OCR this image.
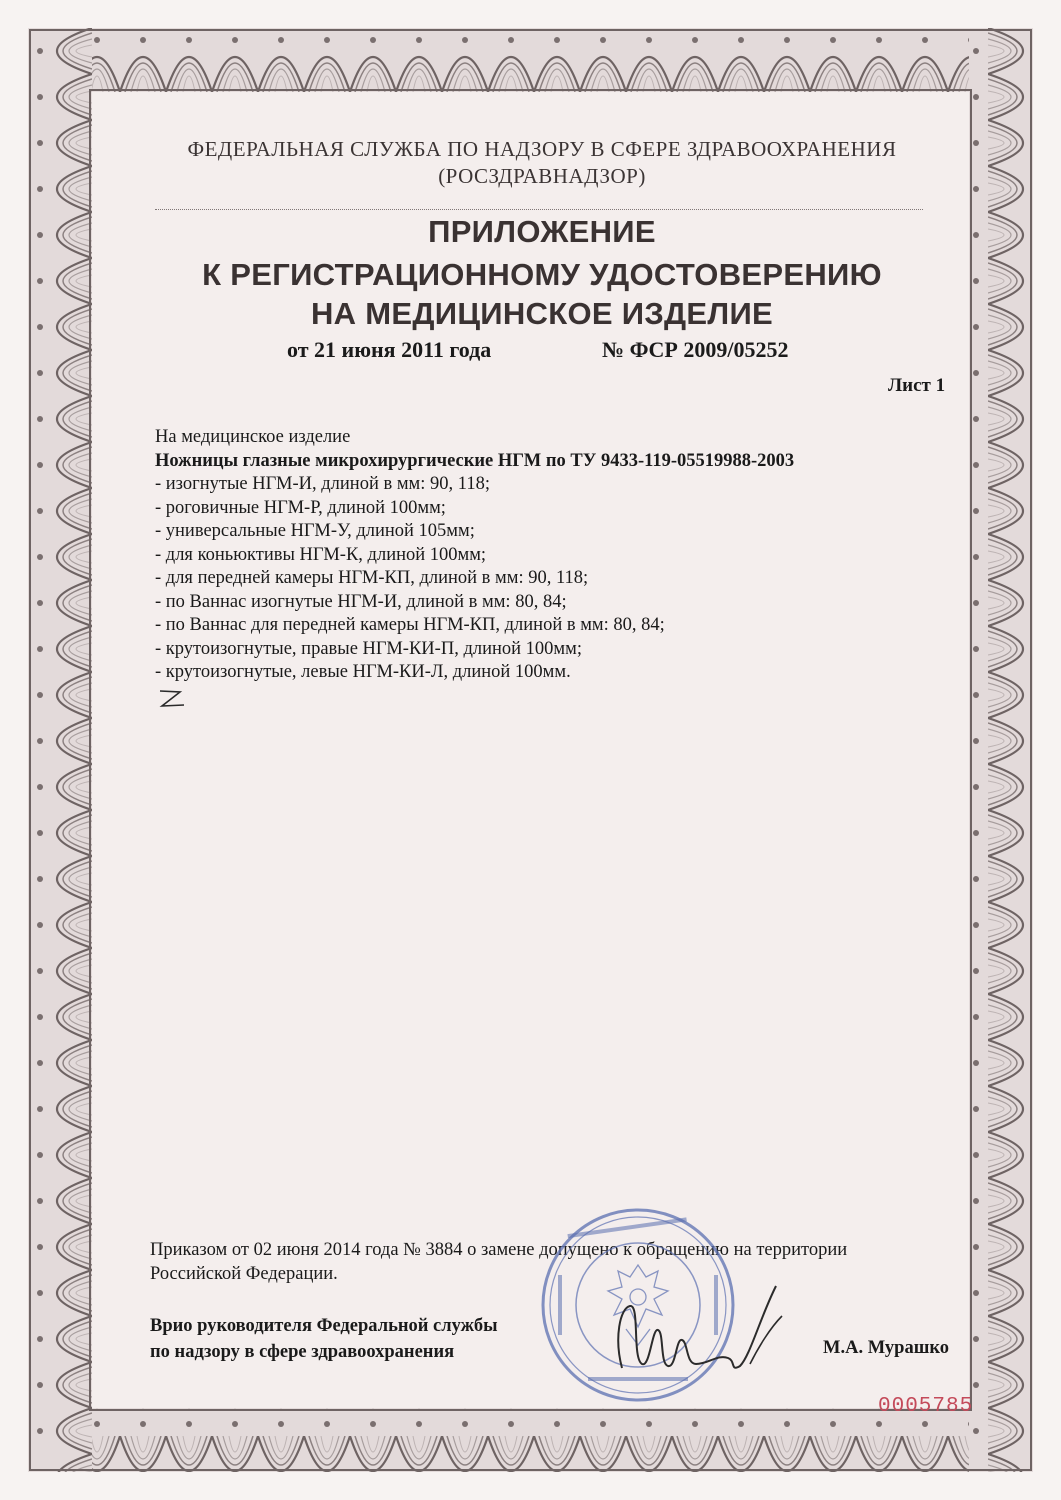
ФЕДЕРАЛЬНАЯ СЛУЖБА ПО НАДЗОРУ В СФЕРЕ ЗДРАВООХРАНЕНИЯ
(РОСЗДРАВНАДЗОР)
ПРИЛОЖЕНИЕ
К РЕГИСТРАЦИОННОМУ УДОСТОВЕРЕНИЮ
НА МЕДИЦИНСКОЕ ИЗДЕЛИЕ
от 21 июня 2011 года	№ ФСР 2009/05252
Лист 1
На медицинское изделие
Ножницы глазные микрохирургические НГМ по ТУ 9433-119-05519988-2003
- изогнутые НГМ-И, длиной в мм: 90, 118;
- роговичные НГМ-Р, длиной 100мм;
- универсальные НГМ-У, длиной 105мм;
- для коньюктивы НГМ-К, длиной 100мм;
- для передней камеры НГМ-КП, длиной в мм: 90, 118;
- по Ваннас изогнутые НГМ-И, длиной в мм: 80, 84;
- по Ваннас для передней камеры НГМ-КП, длиной в мм: 80, 84;
- крутоизогнутые, правые НГМ-КИ-П, длиной 100мм;
- крутоизогнутые, левые НГМ-КИ-Л, длиной 100мм.
Приказом от 02 июня 2014 года № 3884 о замене допущено к обращению на территории
Российской Федерации.
Врио руководителя Федеральной службы
по надзору в сфере здравоохранения	М.А. Мурашко
0005785
